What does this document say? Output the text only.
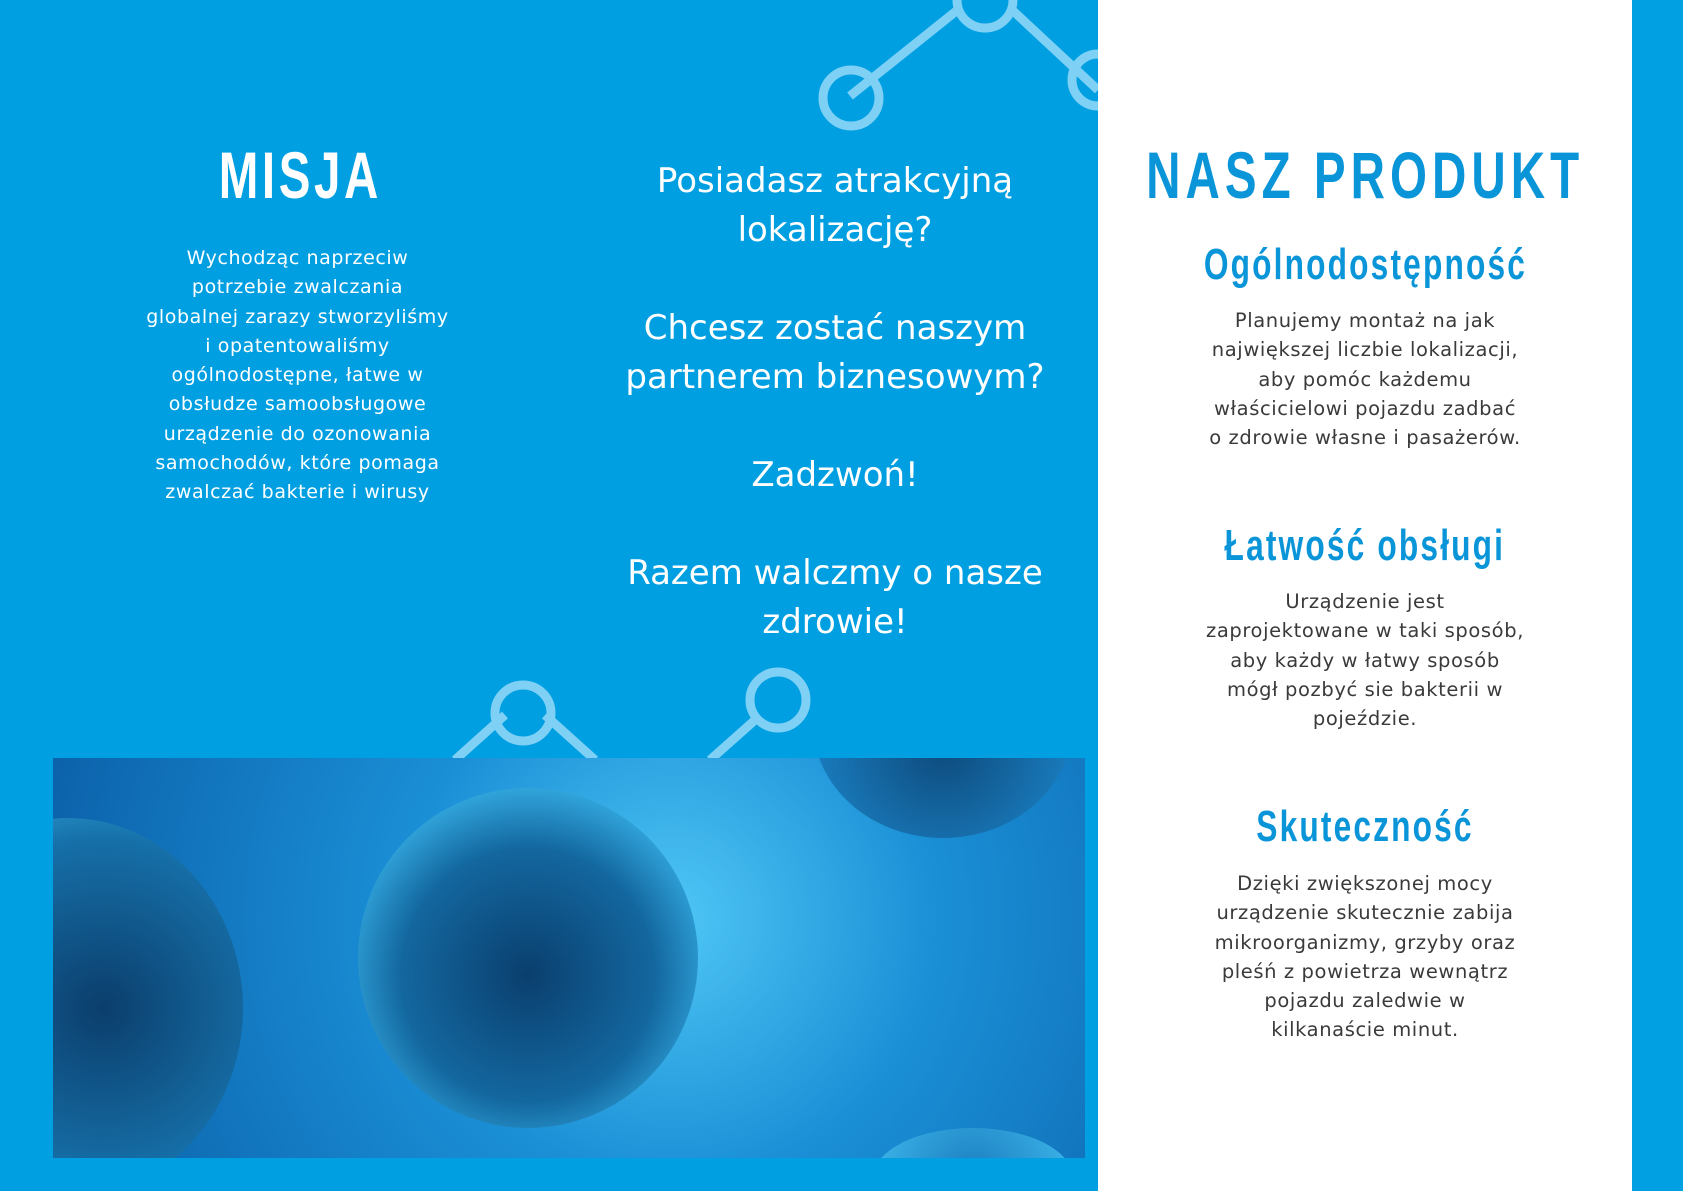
MISJA
Wychodząc naprzeciw
potrzebie zwalczania
globalnej zarazy stworzyliśmy
i opatentowaliśmy
ogólnodostępne, łatwe w
obsłudze samoobsługowe
urządzenie do ozonowania
samochodów, które pomaga
zwalczać bakterie i wirusy
Posiadasz atrakcyjną
lokalizację?
Chcesz zostać naszym
partnerem biznesowym?
Zadzwoń!
Razem walczmy o nasze
zdrowie!
NASZ PRODUKT
Ogólnodostępność
Planujemy montaż na jak
największej liczbie lokalizacji,
aby pomóc każdemu
właścicielowi pojazdu zadbać
o zdrowie własne i pasażerów.
Łatwość obsługi
Urządzenie jest
zaprojektowane w taki sposób,
aby każdy w łatwy sposób
mógł pozbyć sie bakterii w
pojeździe.
Skuteczność
Dzięki zwiększonej mocy
urządzenie skutecznie zabija
mikroorganizmy, grzyby oraz
pleśń z powietrza wewnątrz
pojazdu zaledwie w
kilkanaście minut.
